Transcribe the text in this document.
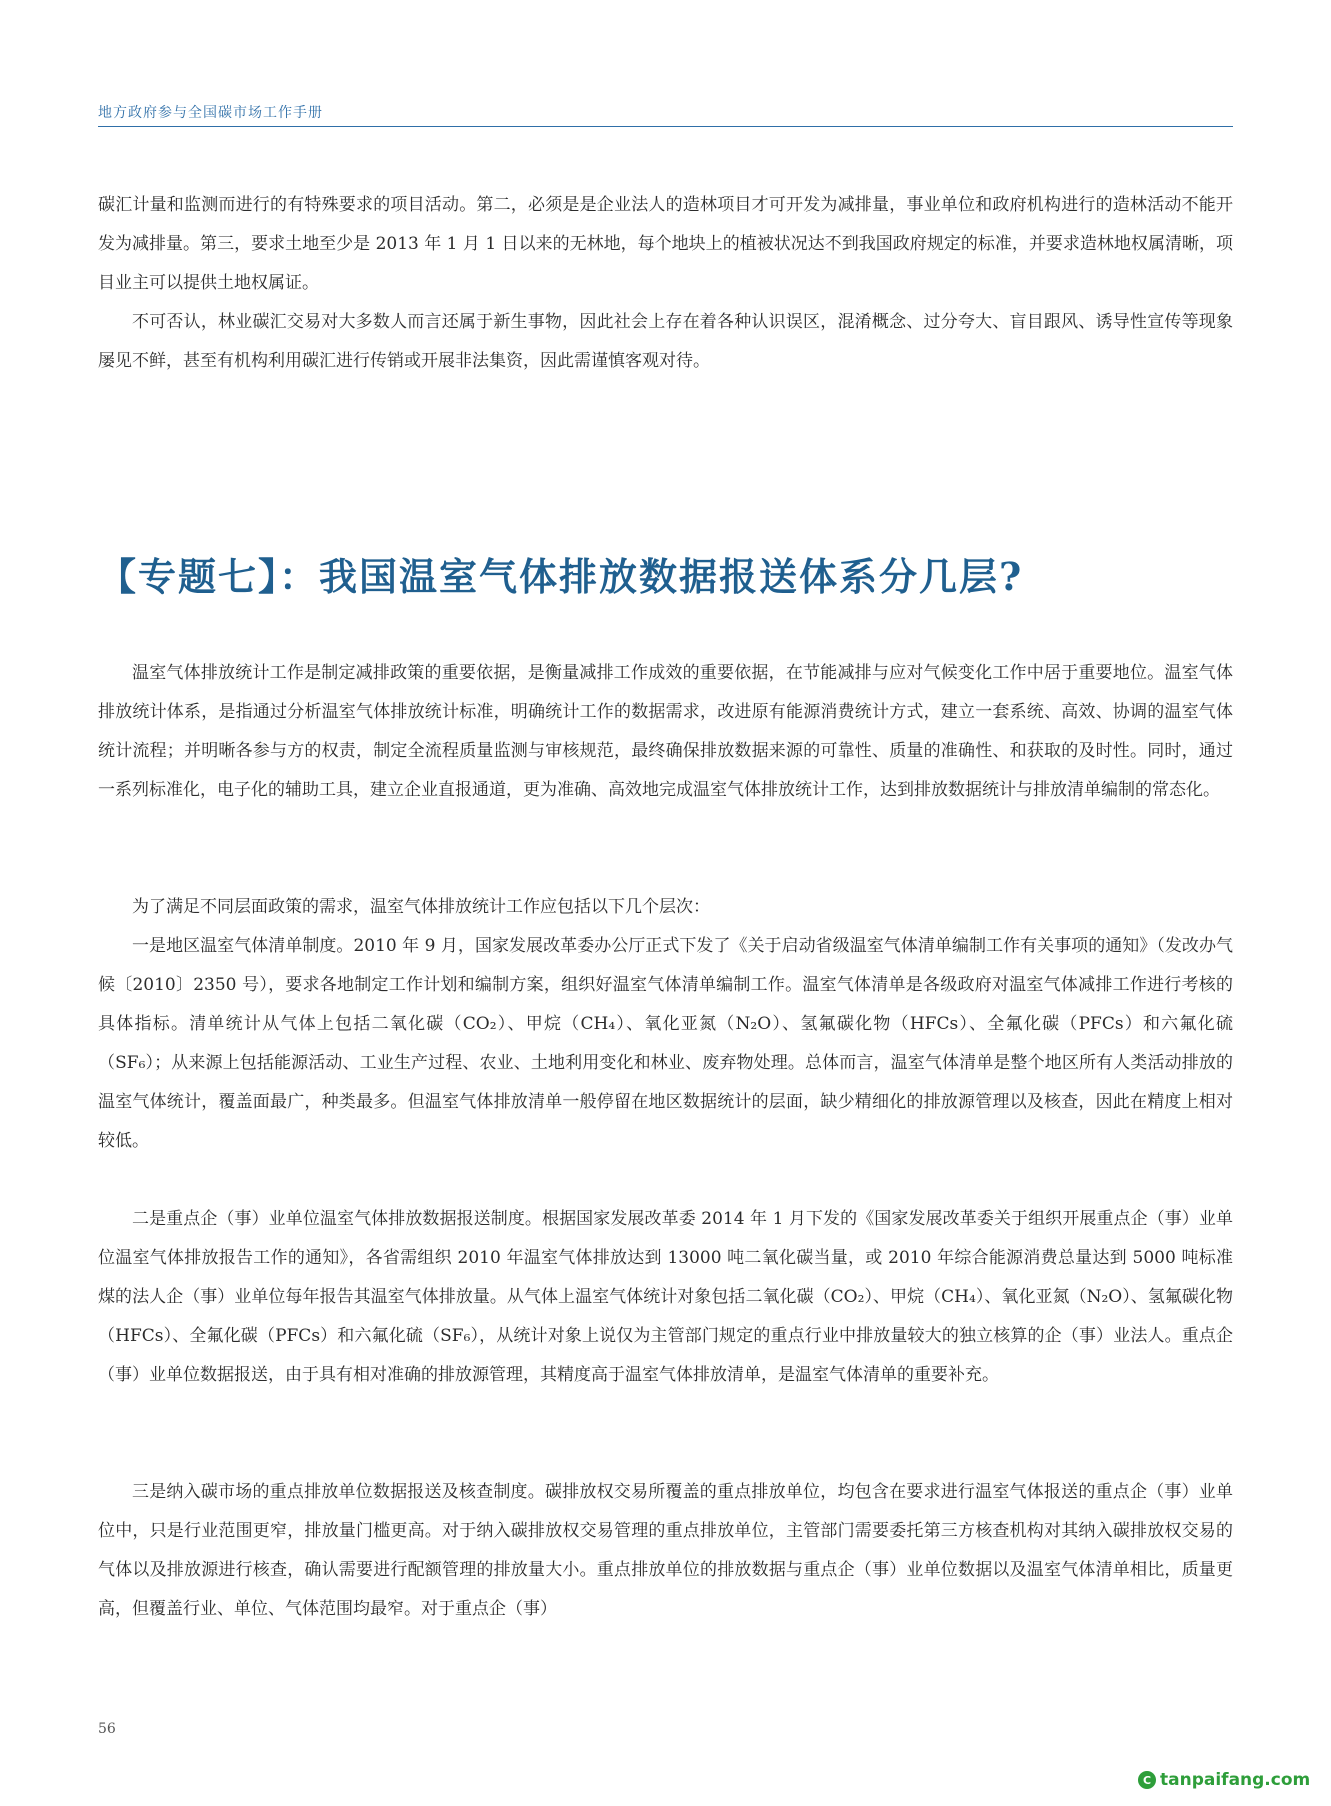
地方政府参与全国碳市场工作手册

碳汇计量和监测而进行的有特殊要求的项目活动。第二，必须是是企业法人的造林项目才可开发为减排量，事业单位和政府机构进行的造林活动不能开发为减排量。第三，要求土地至少是 2013 年 1 月 1 日以来的无林地，每个地块上的植被状况达不到我国政府规定的标准，并要求造林地权属清晰，项目业主可以提供土地权属证。

不可否认，林业碳汇交易对大多数人而言还属于新生事物，因此社会上存在着各种认识误区，混淆概念、过分夸大、盲目跟风、诱导性宣传等现象屡见不鲜，甚至有机构利用碳汇进行传销或开展非法集资，因此需谨慎客观对待。

【专题七】：我国温室气体排放数据报送体系分几层?

温室气体排放统计工作是制定减排政策的重要依据，是衡量减排工作成效的重要依据，在节能减排与应对气候变化工作中居于重要地位。温室气体排放统计体系，是指通过分析温室气体排放统计标准，明确统计工作的数据需求，改进原有能源消费统计方式，建立一套系统、高效、协调的温室气体统计流程；并明晰各参与方的权责，制定全流程质量监测与审核规范，最终确保排放数据来源的可靠性、质量的准确性、和获取的及时性。同时，通过一系列标准化，电子化的辅助工具，建立企业直报通道，更为准确、高效地完成温室气体排放统计工作，达到排放数据统计与排放清单编制的常态化。

为了满足不同层面政策的需求，温室气体排放统计工作应包括以下几个层次：

一是地区温室气体清单制度。2010 年 9 月，国家发展改革委办公厅正式下发了《关于启动省级温室气体清单编制工作有关事项的通知》（发改办气候〔2010〕2350 号），要求各地制定工作计划和编制方案，组织好温室气体清单编制工作。温室气体清单是各级政府对温室气体减排工作进行考核的具体指标。清单统计从气体上包括二氧化碳（CO₂）、甲烷（CH₄）、氧化亚氮（N₂O）、氢氟碳化物（HFCs）、全氟化碳（PFCs）和六氟化硫（SF₆）；从来源上包括能源活动、工业生产过程、农业、土地利用变化和林业、废弃物处理。总体而言，温室气体清单是整个地区所有人类活动排放的温室气体统计，覆盖面最广，种类最多。但温室气体排放清单一般停留在地区数据统计的层面，缺少精细化的排放源管理以及核查，因此在精度上相对较低。

二是重点企（事）业单位温室气体排放数据报送制度。根据国家发展改革委 2014 年 1 月下发的《国家发展改革委关于组织开展重点企（事）业单位温室气体排放报告工作的通知》，各省需组织 2010 年温室气体排放达到 13000 吨二氧化碳当量，或 2010 年综合能源消费总量达到 5000 吨标准煤的法人企（事）业单位每年报告其温室气体排放量。从气体上温室气体统计对象包括二氧化碳（CO₂）、甲烷（CH₄）、氧化亚氮（N₂O）、氢氟碳化物（HFCs）、全氟化碳（PFCs）和六氟化硫（SF₆），从统计对象上说仅为主管部门规定的重点行业中排放量较大的独立核算的企（事）业法人。重点企（事）业单位数据报送，由于具有相对准确的排放源管理，其精度高于温室气体排放清单，是温室气体清单的重要补充。

三是纳入碳市场的重点排放单位数据报送及核查制度。碳排放权交易所覆盖的重点排放单位，均包含在要求进行温室气体报送的重点企（事）业单位中，只是行业范围更窄，排放量门槛更高。对于纳入碳排放权交易管理的重点排放单位，主管部门需要委托第三方核查机构对其纳入碳排放权交易的气体以及排放源进行核查，确认需要进行配额管理的排放量大小。重点排放单位的排放数据与重点企（事）业单位数据以及温室气体清单相比，质量更高，但覆盖行业、单位、气体范围均最窄。对于重点企（事）

56
C tanpaifang.com
